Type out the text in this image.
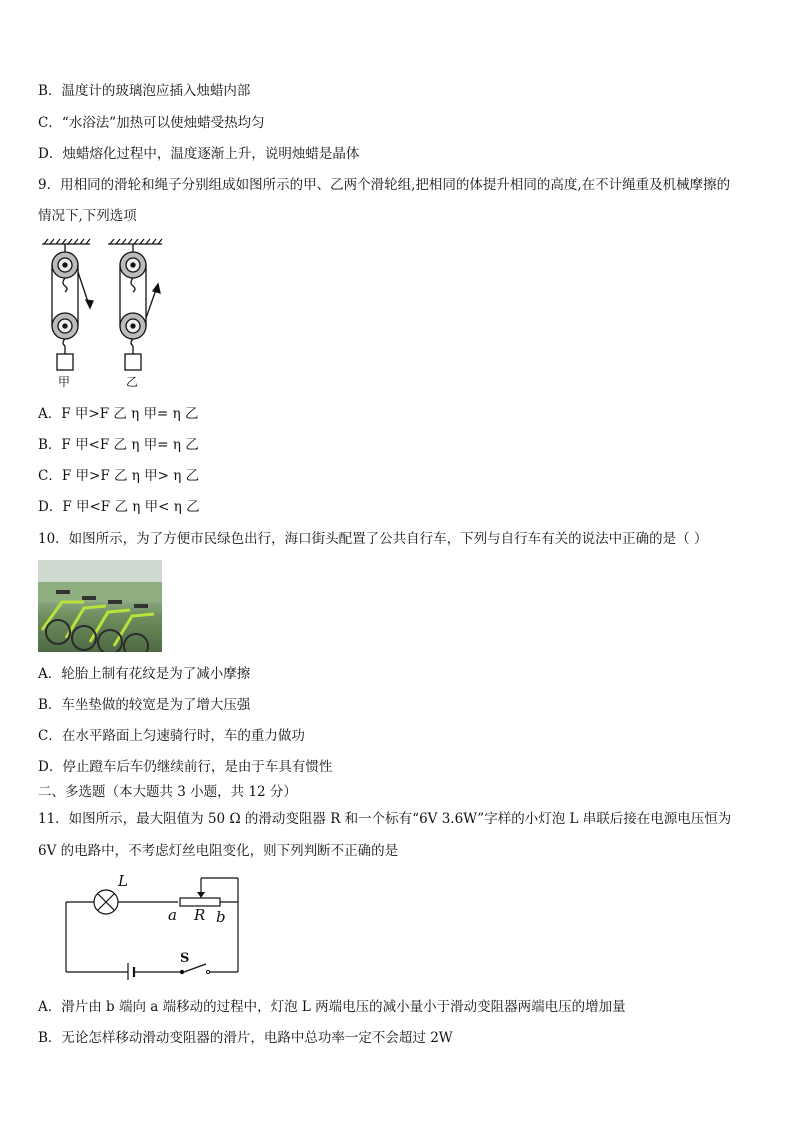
B．温度计的玻璃泡应插入烛蜡内部
C．“水浴法”加热可以使烛蜡受热均匀
D．烛蜡熔化过程中，温度逐渐上升，说明烛蜡是晶体
9．用相同的滑轮和绳子分别组成如图所示的甲、乙两个滑轮组,把相同的体提升相同的高度,在不计绳重及机械摩擦的
情况下,下列选项
甲	乙
A．F 甲>F 乙 η 甲= η 乙
B．F 甲<F 乙 η 甲= η 乙
C．F 甲>F 乙 η 甲> η 乙
D．F 甲<F 乙 η 甲< η 乙
10．如图所示，为了方便市民绿色出行，海口街头配置了公共自行车，下列与自行车有关的说法中正确的是（ ）
A．轮胎上制有花纹是为了减小摩擦
B．车坐垫做的较宽是为了增大压强
C．在水平路面上匀速骑行时，车的重力做功
D．停止蹬车后车仍继续前行，是由于车具有惯性
二、多选题（本大题共 3 小题，共 12 分）
11．如图所示，最大阻值为 50 Ω 的滑动变阻器 R 和一个标有“6V 3.6W”字样的小灯泡 L 串联后接在电源电压恒为
6V 的电路中，不考虑灯丝电阻变化，则下列判断不正确的是
L
a R b
S
A．滑片由 b 端向 a 端移动的过程中，灯泡 L 两端电压的减小量小于滑动变阻器两端电压的增加量
B．无论怎样移动滑动变阻器的滑片，电路中总功率一定不会超过 2W
